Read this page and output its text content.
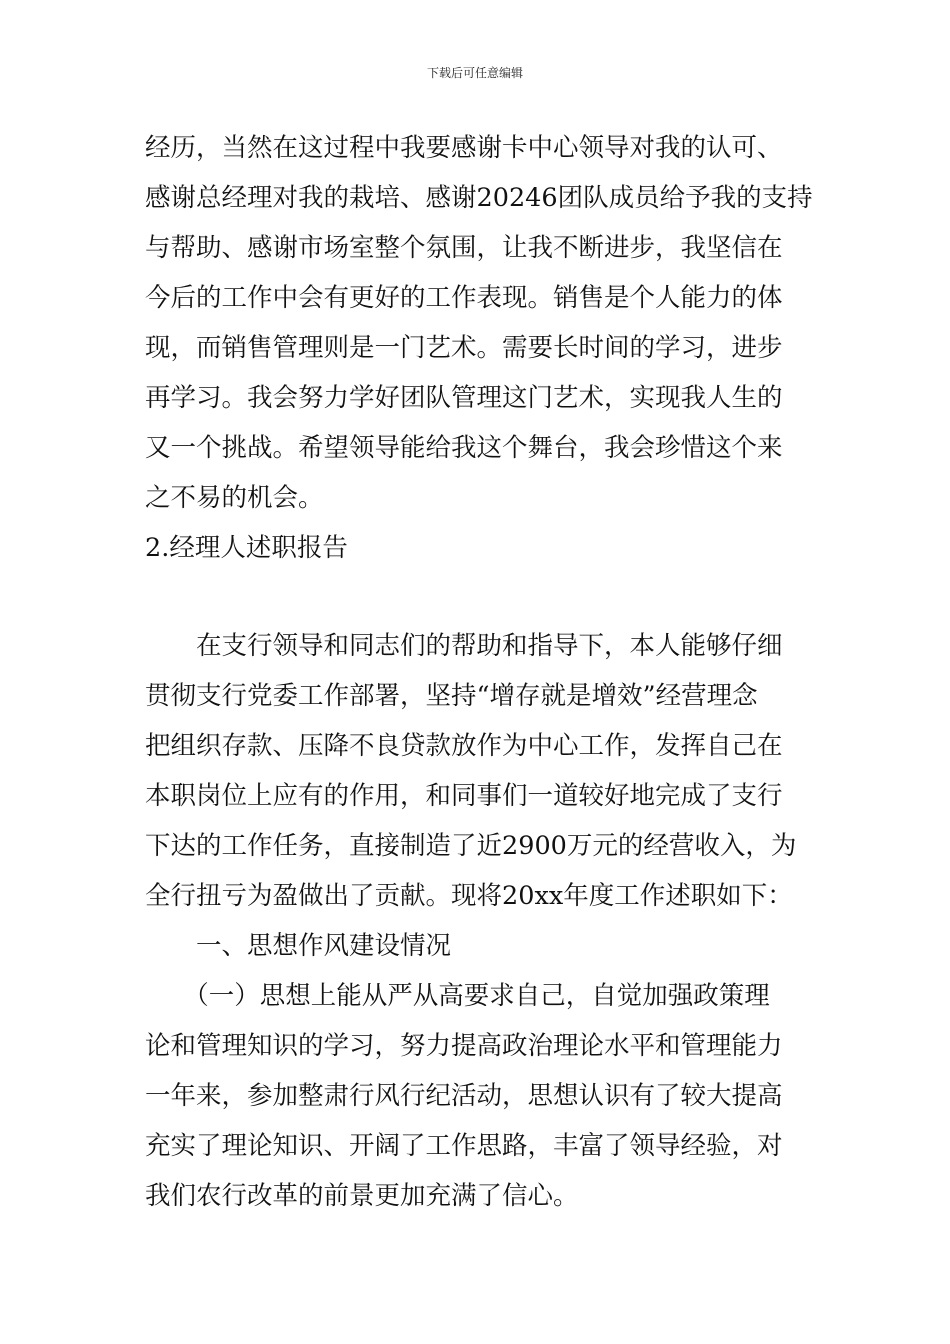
下载后可任意编辑
经历，当然在这过程中我要感谢卡中心领导对我的认可、
感谢总经理对我的栽培、感谢20246团队成员给予我的支持
与帮助、感谢市场室整个氛围，让我不断进步，我坚信在
今后的工作中会有更好的工作表现。销售是个人能力的体
现，而销售管理则是一门艺术。需要长时间的学习，进步
再学习。我会努力学好团队管理这门艺术，实现我人生的
又一个挑战。希望领导能给我这个舞台，我会珍惜这个来
之不易的机会。
2.经理人述职报告
　　在支行领导和同志们的帮助和指导下，本人能够仔细
贯彻支行党委工作部署，坚持“增存就是增效”经营理念
把组织存款、压降不良贷款放作为中心工作，发挥自己在
本职岗位上应有的作用，和同事们一道较好地完成了支行
下达的工作任务，直接制造了近2900万元的经营收入，为
全行扭亏为盈做出了贡献。现将20xx年度工作述职如下：
　　一、思想作风建设情况
　　（一）思想上能从严从高要求自己，自觉加强政策理
论和管理知识的学习，努力提高政治理论水平和管理能力
一年来，参加整肃行风行纪活动，思想认识有了较大提高
充实了理论知识、开阔了工作思路，丰富了领导经验，对
我们农行改革的前景更加充满了信心。
